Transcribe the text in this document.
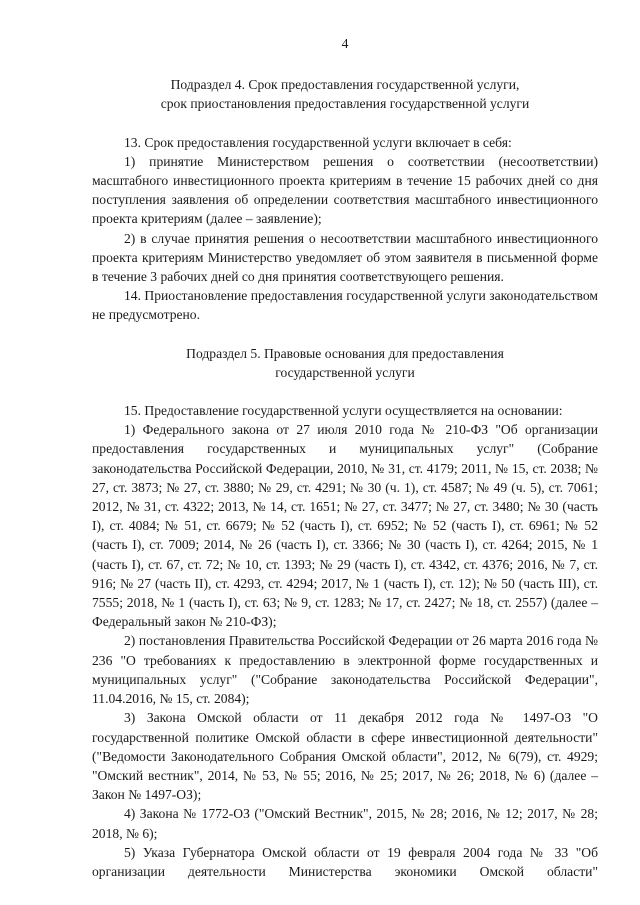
4
Подраздел 4. Срок предоставления государственной услуги,
срок приостановления предоставления государственной услуги

13. Срок предоставления государственной услуги включает в себя:

1) принятие Министерством решения о соответствии (несоответствии) масштабного инвестиционного проекта критериям в течение 15 рабочих дней со дня поступления заявления об определении соответствия масштабного инвестиционного проекта критериям (далее – заявление);

2) в случае принятия решения о несоответствии масштабного инвестиционного проекта критериям Министерство уведомляет об этом заявителя в письменной форме в течение 3 рабочих дней со дня принятия соответствующего решения.

14. Приостановление предоставления государственной услуги законодательством не предусмотрено.

Подраздел 5. Правовые основания для предоставления
государственной услуги

15. Предоставление государственной услуги осуществляется на основании:

1) Федерального закона от 27 июля 2010 года № 210-ФЗ "Об организации предоставления государственных и муниципальных услуг" (Собрание законодательства Российской Федерации, 2010, № 31, ст. 4179; 2011, № 15, ст. 2038; № 27, ст. 3873; № 27, ст. 3880; № 29, ст. 4291; № 30 (ч. 1), ст. 4587; № 49 (ч. 5), ст. 7061; 2012, № 31, ст. 4322; 2013, № 14, ст. 1651; № 27, ст. 3477; № 27, ст. 3480; № 30 (часть I), ст. 4084; № 51, ст. 6679; № 52 (часть I), ст. 6952; № 52 (часть I), ст. 6961; № 52 (часть I), ст. 7009; 2014, № 26 (часть I), ст. 3366; № 30 (часть I), ст. 4264; 2015, № 1 (часть I), ст. 67, ст. 72; № 10, ст. 1393; № 29 (часть I), ст. 4342, ст. 4376; 2016, № 7, ст. 916; № 27 (часть II), ст. 4293, ст. 4294; 2017, № 1 (часть I), ст. 12); № 50 (часть III), ст. 7555; 2018, № 1 (часть I), ст. 63; № 9, ст. 1283; № 17, ст. 2427; № 18, ст. 2557) (далее – Федеральный закон № 210-ФЗ);

2) постановления Правительства Российской Федерации от 26 марта 2016 года № 236 "О требованиях к предоставлению в электронной форме государственных и муниципальных услуг" ("Собрание законодательства Российской Федерации", 11.04.2016, № 15, ст. 2084);

3) Закона Омской области от 11 декабря 2012 года № 1497-ОЗ "О государственной политике Омской области в сфере инвестиционной деятельности" ("Ведомости Законодательного Собрания Омской области", 2012, № 6(79), ст. 4929; "Омский вестник", 2014, № 53, № 55; 2016, № 25; 2017, № 26; 2018, № 6) (далее – Закон № 1497-ОЗ);

4) Закона № 1772-ОЗ ("Омский Вестник", 2015, № 28; 2016, № 12; 2017, № 28; 2018, № 6);

5) Указа Губернатора Омской области от 19 февраля 2004 года № 33 "Об организации деятельности Министерства экономики Омской области"
